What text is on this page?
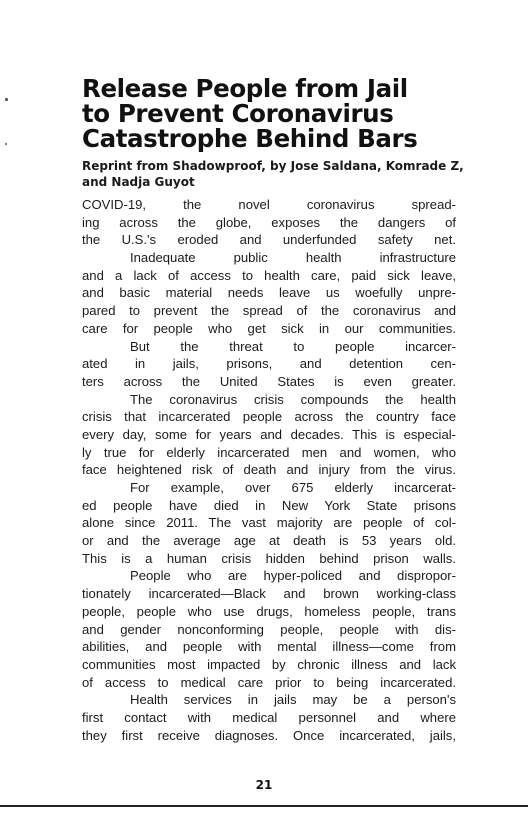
Release People from Jail
to Prevent Coronavirus
Catastrophe Behind Bars
Reprint from Shadowproof, by Jose Saldana, Komrade Z,
and Nadja Guyot
COVID-19, the novel coronavirus spread-
ing across the globe, exposes the dangers of
the U.S.'s eroded and underfunded safety net.
Inadequate public health infrastructure
and a lack of access to health care, paid sick leave,
and basic material needs leave us woefully unpre-
pared to prevent the spread of the coronavirus and
care for people who get sick in our communities.
But the threat to people incarcer-
ated in jails, prisons, and detention cen-
ters across the United States is even greater.
The coronavirus crisis compounds the health
crisis that incarcerated people across the country face
every day, some for years and decades. This is especial-
ly true for elderly incarcerated men and women, who
face heightened risk of death and injury from the virus.
For example, over 675 elderly incarcerat-
ed people have died in New York State prisons
alone since 2011. The vast majority are people of col-
or and the average age at death is 53 years old.
This is a human crisis hidden behind prison walls.
People who are hyper-policed and dispropor-
tionately incarcerated—Black and brown working-class
people, people who use drugs, homeless people, trans
and gender nonconforming people, people with dis-
abilities, and people with mental illness—come from
communities most impacted by chronic illness and lack
of access to medical care prior to being incarcerated.
Health services in jails may be a person's
first contact with medical personnel and where
they first receive diagnoses. Once incarcerated, jails,
21
